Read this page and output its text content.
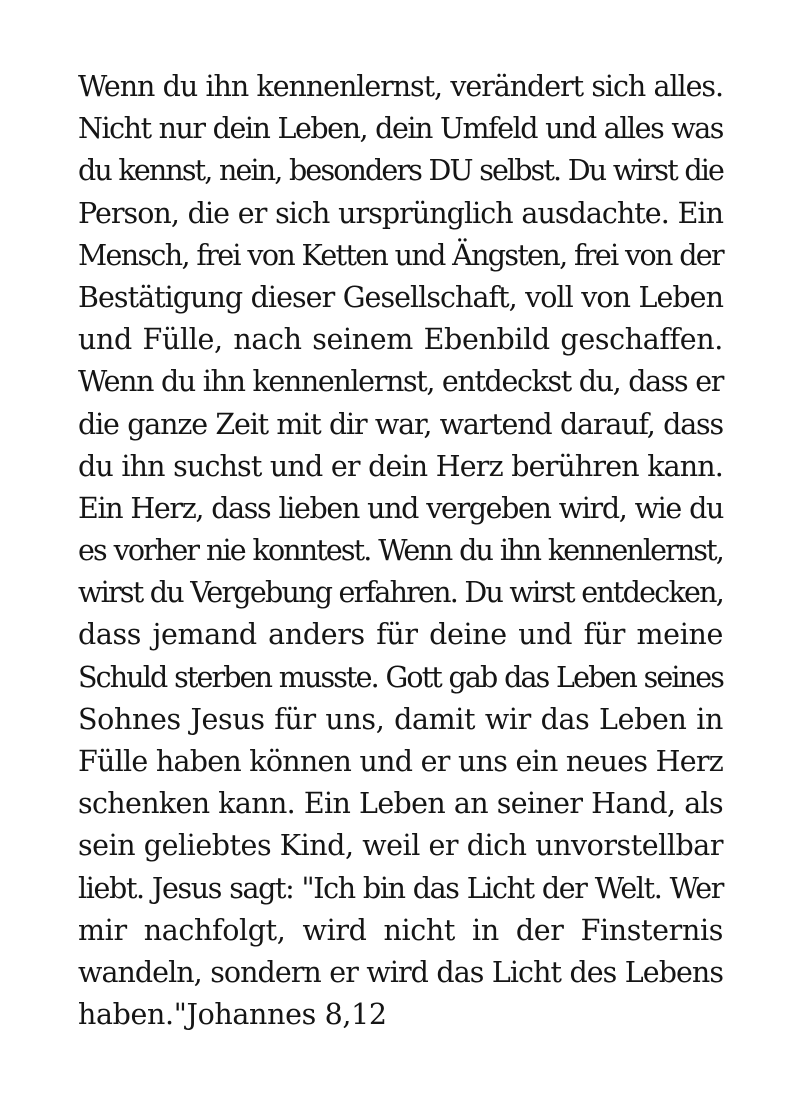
Wenn du ihn kennenlernst, verändert sich alles.
Nicht nur dein Leben, dein Umfeld und alles was
du kennst, nein, besonders DU selbst. Du wirst die
Person, die er sich ursprünglich ausdachte. Ein
Mensch, frei von Ketten und Ängsten, frei von der
Bestätigung dieser Gesellschaft, voll von Leben
und Fülle, nach seinem Ebenbild geschaffen.
Wenn du ihn kennenlernst, entdeckst du, dass er
die ganze Zeit mit dir war, wartend darauf, dass
du ihn suchst und er dein Herz berühren kann.
Ein Herz, dass lieben und vergeben wird, wie du
es vorher nie konntest. Wenn du ihn kennenlernst,
wirst du Vergebung erfahren. Du wirst entdecken,
dass jemand anders für deine und für meine
Schuld sterben musste. Gott gab das Leben seines
Sohnes Jesus für uns, damit wir das Leben in
Fülle haben können und er uns ein neues Herz
schenken kann. Ein Leben an seiner Hand, als
sein geliebtes Kind, weil er dich unvorstellbar
liebt. Jesus sagt: "Ich bin das Licht der Welt. Wer
mir nachfolgt, wird nicht in der Finsternis
wandeln, sondern er wird das Licht des Lebens
haben."Johannes 8,12
